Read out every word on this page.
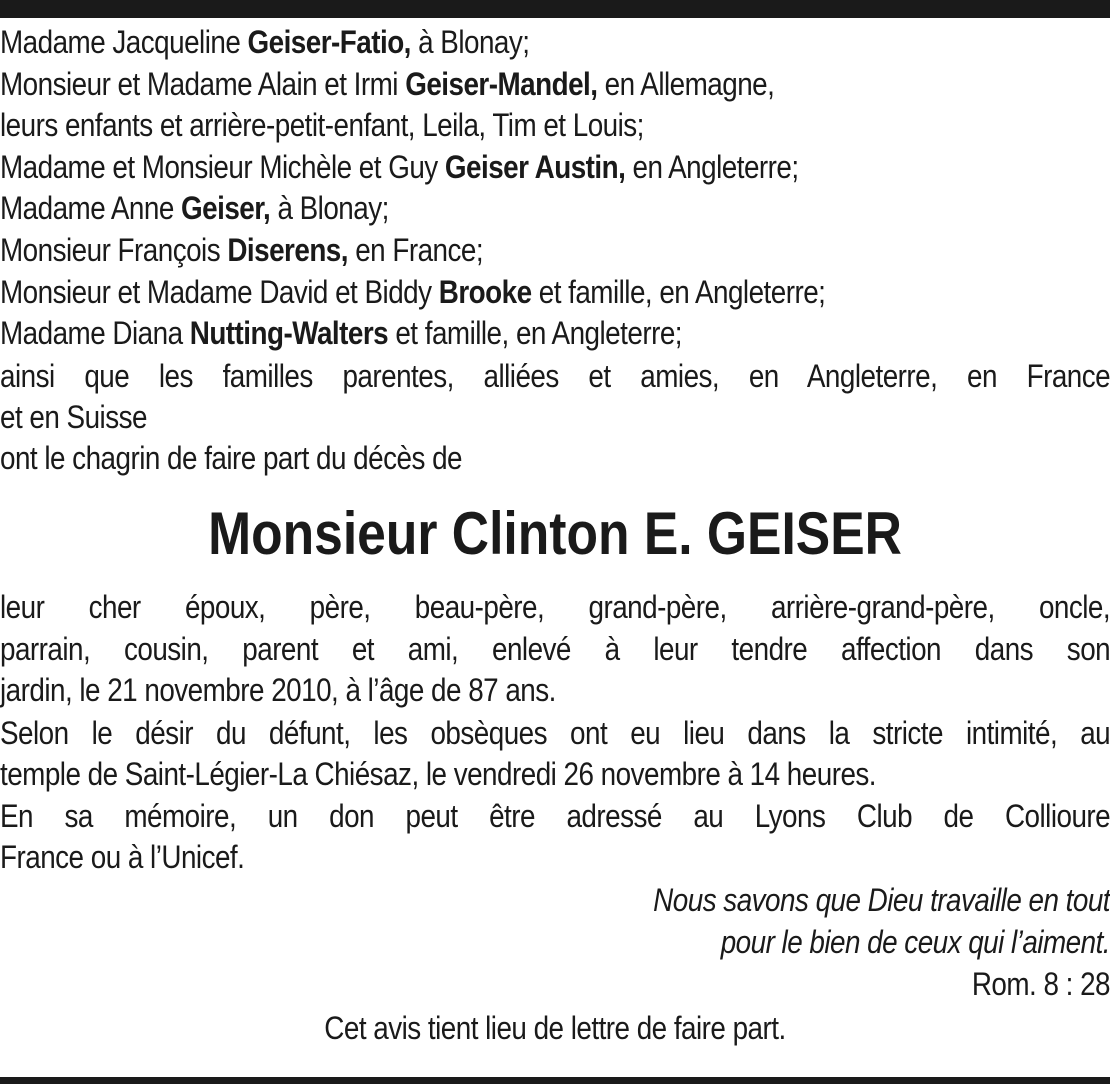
Madame Jacqueline Geiser-Fatio, à Blonay;
Monsieur et Madame Alain et Irmi Geiser-Mandel, en Allemagne,
leurs enfants et arrière-petit-enfant, Leila, Tim et Louis;
Madame et Monsieur Michèle et Guy Geiser Austin, en Angleterre;
Madame Anne Geiser, à Blonay;
Monsieur François Diserens, en France;
Monsieur et Madame David et Biddy Brooke et famille, en Angleterre;
Madame Diana Nutting-Walters et famille, en Angleterre;
ainsi que les familles parentes, alliées et amies, en Angleterre, en France
et en Suisse
ont le chagrin de faire part du décès de
Monsieur Clinton E. GEISER
leur cher époux, père, beau-père, grand-père, arrière-grand-père, oncle,
parrain, cousin, parent et ami, enlevé à leur tendre affection dans son
jardin, le 21 novembre 2010, à l’âge de 87 ans.
Selon le désir du défunt, les obsèques ont eu lieu dans la stricte intimité, au
temple de Saint-Légier-La Chiésaz, le vendredi 26 novembre à 14 heures.
En sa mémoire, un don peut être adressé au Lyons Club de Collioure
France ou à l’Unicef.
Nous savons que Dieu travaille en tout
pour le bien de ceux qui l’aiment.
Rom. 8 : 28
Cet avis tient lieu de lettre de faire part.
